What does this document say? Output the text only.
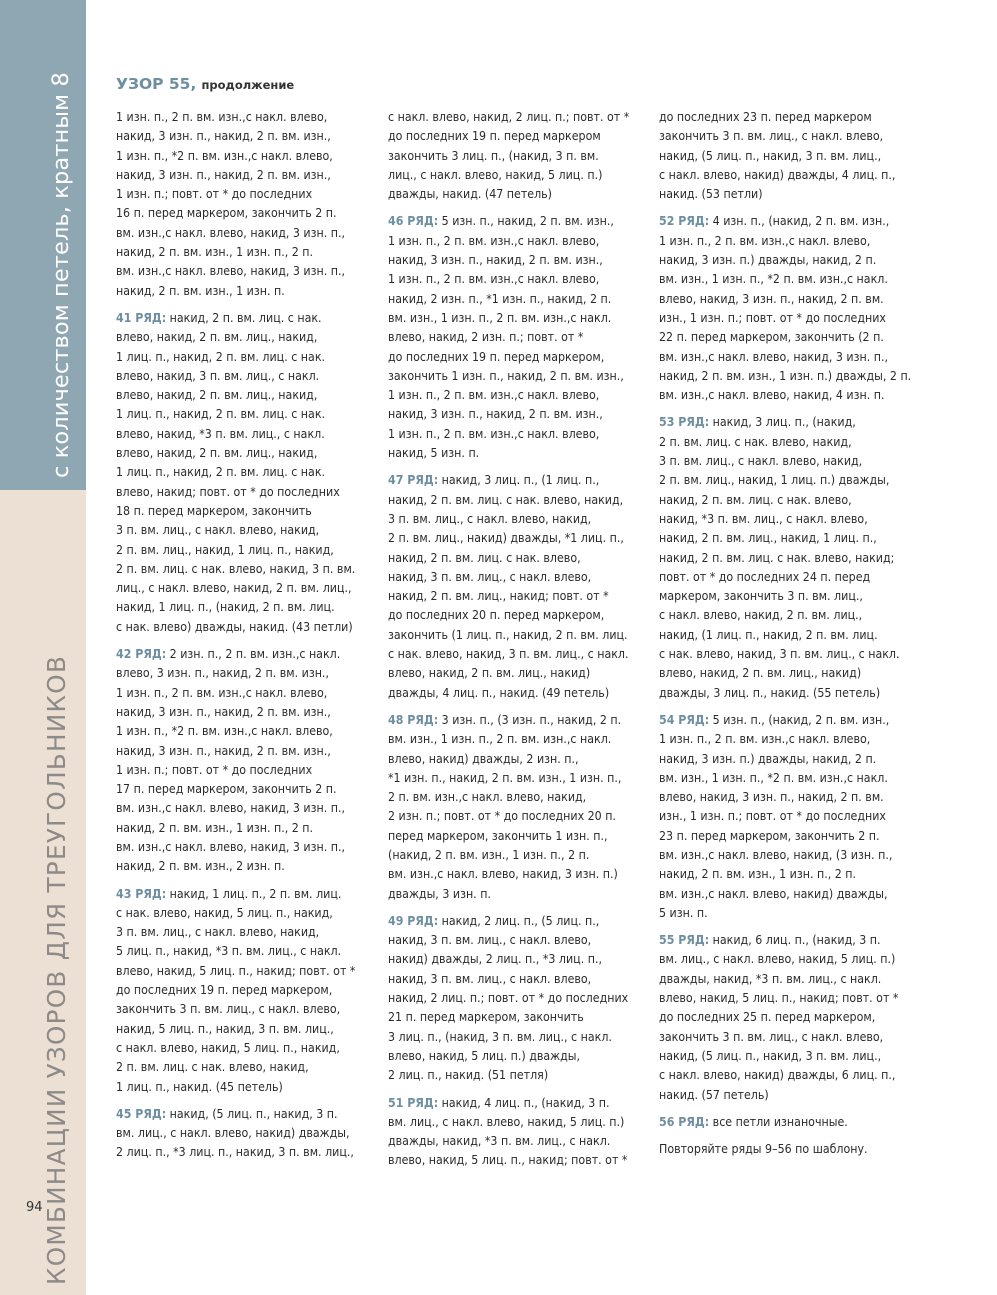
с количеством петель, кратным 8
КОМБИНАЦИИ УЗОРОВ ДЛЯ ТРЕУГОЛЬНИКОВ
94
УЗОР 55, продолжение
1 изн. п., 2 п. вм. изн.,с накл. влево,
накид, 3 изн. п., накид, 2 п. вм. изн.,
1 изн. п., *2 п. вм. изн.,с накл. влево,
накид, 3 изн. п., накид, 2 п. вм. изн.,
1 изн. п.; повт. от * до последних
16 п. перед маркером, закончить 2 п.
вм. изн.,с накл. влево, накид, 3 изн. п.,
накид, 2 п. вм. изн., 1 изн. п., 2 п.
вм. изн.,с накл. влево, накид, 3 изн. п.,
накид, 2 п. вм. изн., 1 изн. п.
41 РЯД: накид, 2 п. вм. лиц. с нак.
влево, накид, 2 п. вм. лиц., накид,
1 лиц. п., накид, 2 п. вм. лиц. с нак.
влево, накид, 3 п. вм. лиц., с накл.
влево, накид, 2 п. вм. лиц., накид,
1 лиц. п., накид, 2 п. вм. лиц. с нак.
влево, накид, *3 п. вм. лиц., с накл.
влево, накид, 2 п. вм. лиц., накид,
1 лиц. п., накид, 2 п. вм. лиц. с нак.
влево, накид; повт. от * до последних
18 п. перед маркером, закончить
3 п. вм. лиц., с накл. влево, накид,
2 п. вм. лиц., накид, 1 лиц. п., накид,
2 п. вм. лиц. с нак. влево, накид, 3 п. вм.
лиц., с накл. влево, накид, 2 п. вм. лиц.,
накид, 1 лиц. п., (накид, 2 п. вм. лиц.
с нак. влево) дважды, накид. (43 петли)
42 РЯД: 2 изн. п., 2 п. вм. изн.,с накл.
влево, 3 изн. п., накид, 2 п. вм. изн.,
1 изн. п., 2 п. вм. изн.,с накл. влево,
накид, 3 изн. п., накид, 2 п. вм. изн.,
1 изн. п., *2 п. вм. изн.,с накл. влево,
накид, 3 изн. п., накид, 2 п. вм. изн.,
1 изн. п.; повт. от * до последних
17 п. перед маркером, закончить 2 п.
вм. изн.,с накл. влево, накид, 3 изн. п.,
накид, 2 п. вм. изн., 1 изн. п., 2 п.
вм. изн.,с накл. влево, накид, 3 изн. п.,
накид, 2 п. вм. изн., 2 изн. п.
43 РЯД: накид, 1 лиц. п., 2 п. вм. лиц.
с нак. влево, накид, 5 лиц. п., накид,
3 п. вм. лиц., с накл. влево, накид,
5 лиц. п., накид, *3 п. вм. лиц., с накл.
влево, накид, 5 лиц. п., накид; повт. от *
до последних 19 п. перед маркером,
закончить 3 п. вм. лиц., с накл. влево,
накид, 5 лиц. п., накид, 3 п. вм. лиц.,
с накл. влево, накид, 5 лиц. п., накид,
2 п. вм. лиц. с нак. влево, накид,
1 лиц. п., накид. (45 петель)
45 РЯД: накид, (5 лиц. п., накид, 3 п.
вм. лиц., с накл. влево, накид) дважды,
2 лиц. п., *3 лиц. п., накид, 3 п. вм. лиц.,
с накл. влево, накид, 2 лиц. п.; повт. от *
до последних 19 п. перед маркером
закончить 3 лиц. п., (накид, 3 п. вм.
лиц., с накл. влево, накид, 5 лиц. п.)
дважды, накид. (47 петель)
46 РЯД: 5 изн. п., накид, 2 п. вм. изн.,
1 изн. п., 2 п. вм. изн.,с накл. влево,
накид, 3 изн. п., накид, 2 п. вм. изн.,
1 изн. п., 2 п. вм. изн.,с накл. влево,
накид, 2 изн. п., *1 изн. п., накид, 2 п.
вм. изн., 1 изн. п., 2 п. вм. изн.,с накл.
влево, накид, 2 изн. п.; повт. от *
до последних 19 п. перед маркером,
закончить 1 изн. п., накид, 2 п. вм. изн.,
1 изн. п., 2 п. вм. изн.,с накл. влево,
накид, 3 изн. п., накид, 2 п. вм. изн.,
1 изн. п., 2 п. вм. изн.,с накл. влево,
накид, 5 изн. п.
47 РЯД: накид, 3 лиц. п., (1 лиц. п.,
накид, 2 п. вм. лиц. с нак. влево, накид,
3 п. вм. лиц., с накл. влево, накид,
2 п. вм. лиц., накид) дважды, *1 лиц. п.,
накид, 2 п. вм. лиц. с нак. влево,
накид, 3 п. вм. лиц., с накл. влево,
накид, 2 п. вм. лиц., накид; повт. от *
до последних 20 п. перед маркером,
закончить (1 лиц. п., накид, 2 п. вм. лиц.
с нак. влево, накид, 3 п. вм. лиц., с накл.
влево, накид, 2 п. вм. лиц., накид)
дважды, 4 лиц. п., накид. (49 петель)
48 РЯД: 3 изн. п., (3 изн. п., накид, 2 п.
вм. изн., 1 изн. п., 2 п. вм. изн.,с накл.
влево, накид) дважды, 2 изн. п.,
*1 изн. п., накид, 2 п. вм. изн., 1 изн. п.,
2 п. вм. изн.,с накл. влево, накид,
2 изн. п.; повт. от * до последних 20 п.
перед маркером, закончить 1 изн. п.,
(накид, 2 п. вм. изн., 1 изн. п., 2 п.
вм. изн.,с накл. влево, накид, 3 изн. п.)
дважды, 3 изн. п.
49 РЯД: накид, 2 лиц. п., (5 лиц. п.,
накид, 3 п. вм. лиц., с накл. влево,
накид) дважды, 2 лиц. п., *3 лиц. п.,
накид, 3 п. вм. лиц., с накл. влево,
накид, 2 лиц. п.; повт. от * до последних
21 п. перед маркером, закончить
3 лиц. п., (накид, 3 п. вм. лиц., с накл.
влево, накид, 5 лиц. п.) дважды,
2 лиц. п., накид. (51 петля)
51 РЯД: накид, 4 лиц. п., (накид, 3 п.
вм. лиц., с накл. влево, накид, 5 лиц. п.)
дважды, накид, *3 п. вм. лиц., с накл.
влево, накид, 5 лиц. п., накид; повт. от *
до последних 23 п. перед маркером
закончить 3 п. вм. лиц., с накл. влево,
накид, (5 лиц. п., накид, 3 п. вм. лиц.,
с накл. влево, накид) дважды, 4 лиц. п.,
накид. (53 петли)
52 РЯД: 4 изн. п., (накид, 2 п. вм. изн.,
1 изн. п., 2 п. вм. изн.,с накл. влево,
накид, 3 изн. п.) дважды, накид, 2 п.
вм. изн., 1 изн. п., *2 п. вм. изн.,с накл.
влево, накид, 3 изн. п., накид, 2 п. вм.
изн., 1 изн. п.; повт. от * до последних
22 п. перед маркером, закончить (2 п.
вм. изн.,с накл. влево, накид, 3 изн. п.,
накид, 2 п. вм. изн., 1 изн. п.) дважды, 2 п.
вм. изн.,с накл. влево, накид, 4 изн. п.
53 РЯД: накид, 3 лиц. п., (накид,
2 п. вм. лиц. с нак. влево, накид,
3 п. вм. лиц., с накл. влево, накид,
2 п. вм. лиц., накид, 1 лиц. п.) дважды,
накид, 2 п. вм. лиц. с нак. влево,
накид, *3 п. вм. лиц., с накл. влево,
накид, 2 п. вм. лиц., накид, 1 лиц. п.,
накид, 2 п. вм. лиц. с нак. влево, накид;
повт. от * до последних 24 п. перед
маркером, закончить 3 п. вм. лиц.,
с накл. влево, накид, 2 п. вм. лиц.,
накид, (1 лиц. п., накид, 2 п. вм. лиц.
с нак. влево, накид, 3 п. вм. лиц., с накл.
влево, накид, 2 п. вм. лиц., накид)
дважды, 3 лиц. п., накид. (55 петель)
54 РЯД: 5 изн. п., (накид, 2 п. вм. изн.,
1 изн. п., 2 п. вм. изн.,с накл. влево,
накид, 3 изн. п.) дважды, накид, 2 п.
вм. изн., 1 изн. п., *2 п. вм. изн.,с накл.
влево, накид, 3 изн. п., накид, 2 п. вм.
изн., 1 изн. п.; повт. от * до последних
23 п. перед маркером, закончить 2 п.
вм. изн.,с накл. влево, накид, (3 изн. п.,
накид, 2 п. вм. изн., 1 изн. п., 2 п.
вм. изн.,с накл. влево, накид) дважды,
5 изн. п.
55 РЯД: накид, 6 лиц. п., (накид, 3 п.
вм. лиц., с накл. влево, накид, 5 лиц. п.)
дважды, накид, *3 п. вм. лиц., с накл.
влево, накид, 5 лиц. п., накид; повт. от *
до последних 25 п. перед маркером,
закончить 3 п. вм. лиц., с накл. влево,
накид, (5 лиц. п., накид, 3 п. вм. лиц.,
с накл. влево, накид) дважды, 6 лиц. п.,
накид. (57 петель)
56 РЯД: все петли изнаночные.
Повторяйте ряды 9–56 по шаблону.
